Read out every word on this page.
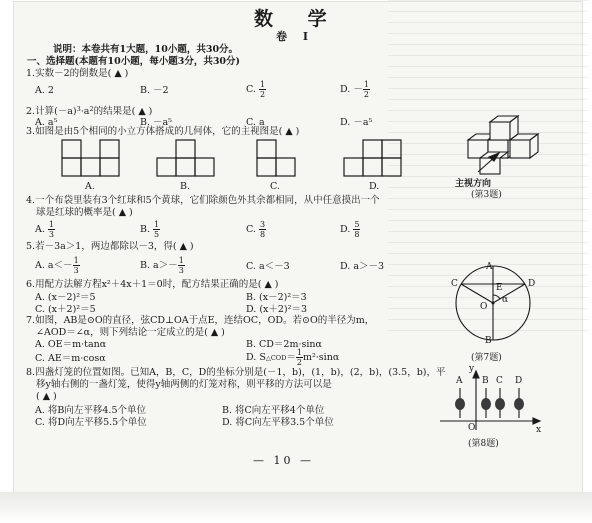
数 学
卷 Ⅰ
说明：本卷共有1大题，10小题，共30分。
一、选择题(本题有10小题，每小题3分，共30分)
1.实数－2的倒数是( ▲ )
A. 2	B. －2	C. $\frac{1}{2}$	D. － $\frac{1}{2}$
2.计算$(-a)^3\cdot a^2$的结果是( ▲ )
A. a⁵	B. －a⁵	C. a	D. －a⁵
3.如图是由5个相同的小立方体搭成的几何体，它的主视图是( ▲ )
A.	B.	C.	D.	主视方向
(第3题)
4.一个布袋里装有3个红球和5个黄球，它们除颜色外其余都相同，从中任意摸出一个
球是红球的概率是( ▲ )
A. $\frac{1}{3}$	B. $\frac{1}{5}$	C. $\frac{3}{8}$	D. $\frac{5}{8}$
5.若－3a＞1，两边都除以－3，得( ▲ )
A. $a<- \frac{1}{3}$	B. $a>- \frac{1}{3}$	C. a＜－3	D. a＞－3
6.用配方法解方程x²＋4x＋1＝0时，配方结果正确的是( ▲ )
A. (x－2)²＝5	B. (x－2)²＝3
C. (x＋2)²＝5	D. (x＋2)²＝3
7.如图，AB是⊙O的直径，弦CD⊥OA于点E，连结OC，OD。若⊙O的半径为m，
∠AOD＝∠α，则下列结论一定成立的是( ▲ )
A. OE＝m·tanα	B. CD＝2m·sinα
C. AE＝m·cosα	D. S△COD＝ $\frac{1}{2} m^2\cdot\sin\alpha$
A
C	D
E
α
O
B
(第7题)
8.四盏灯笼的位置如图。已知A，B，C，D的坐标分别是(－1，b)，(1，b)，(2，b)，(3.5，b)，平
移y轴右侧的一盏灯笼，使得y轴两侧的灯笼对称，则平移的方法可以是
( ▲ )
A. 将B向左平移4.5个单位	B. 将C向左平移4个单位
C. 将D向左平移5.5个单位	D. 将C向左平移3.5个单位
A
y
B C D
O	x
(第8题)
— 10 —
